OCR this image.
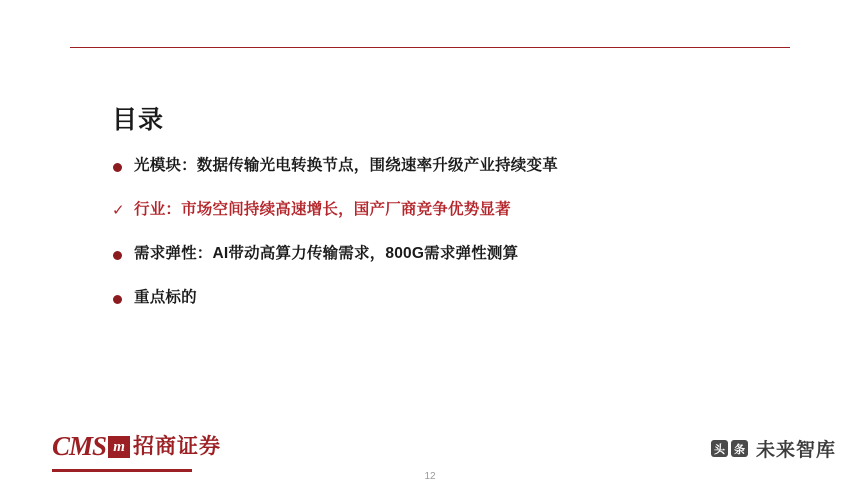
目录
光模块：数据传输光电转换节点，围绕速率升级产业持续变革
✓ 行业：市场空间持续高速增长，国产厂商竞争优势显著
需求弹性：AI带动高算力传输需求，800G需求弹性测算
重点标的
CMS m 招商证券	头 条 未来智库
12
